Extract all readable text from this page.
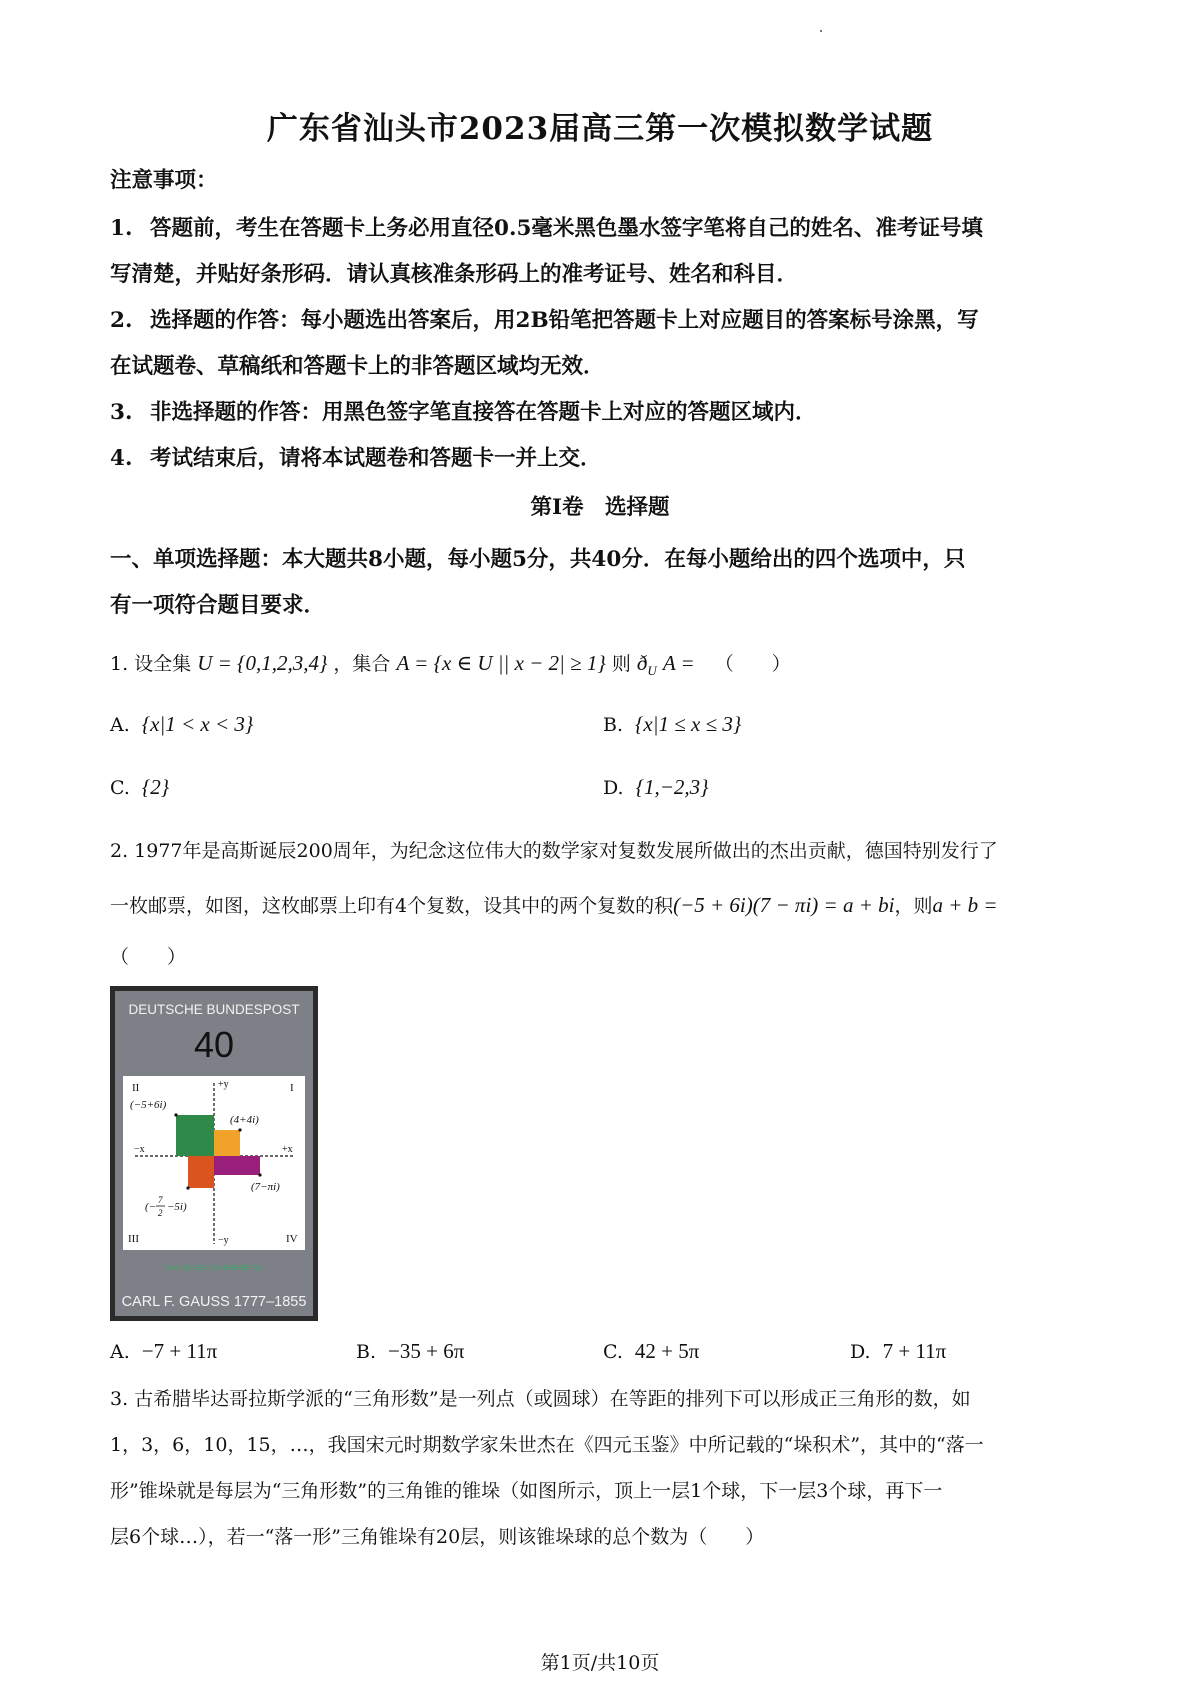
广东省汕头市2023届高三第一次模拟数学试题
注意事项：
1. 答题前，考生在答题卡上务必用直径0.5毫米黑色墨水签字笔将自己的姓名、准考证号填
写清楚，并贴好条形码．请认真核准条形码上的准考证号、姓名和科目．
2. 选择题的作答：每小题选出答案后，用2B铅笔把答题卡上对应题目的答案标号涂黑，写
在试题卷、草稿纸和答题卡上的非答题区域均无效．
3. 非选择题的作答：用黑色签字笔直接答在答题卡上对应的答题区域内．
4. 考试结束后，请将本试题卷和答题卡一并上交．
第Ⅰ卷　选择题
一、单项选择题：本大题共8小题，每小题5分，共40分．在每小题给出的四个选项中，只
有一项符合题目要求．
1. 设全集 U = {0,1,2,3,4} ，集合 A = {x ∈ U || x − 2| ≥ 1} 则 $ð_U$ A = （　　）
A. {x|1 < x < 3}	B. {x|1 ≤ x ≤ 3}
C. {2}	D. {1,−2,3}
2. 1977年是高斯诞辰200周年，为纪念这位伟大的数学家对复数发展所做出的杰出贡献，德国特别发行了
一枚邮票，如图，这枚邮票上印有4个复数，设其中的两个复数的积(−5 + 6i)(7 − πi) = a + bi，则a + b =
（　　）
DEUTSCHE BUNDESPOST
40
II	I
III	IV
+y
−y
+x
−x
(−5+6i)
(4+4i)
(7−πi)
(−
7
2 −5i)
GAUSSSCHE ZAHLENEBENE
CARL F. GAUSS 1777–1855
A. −7 + 11π	B. −35 + 6π	C. 42 + 5π	D. 7 + 11π
3. 古希腊毕达哥拉斯学派的“三角形数”是一列点（或圆球）在等距的排列下可以形成正三角形的数，如
1，3，6，10，15，…，我国宋元时期数学家朱世杰在《四元玉鉴》中所记载的“垛积术”，其中的“落一
形”锥垛就是每层为“三角形数”的三角锥的锥垛（如图所示，顶上一层1个球，下一层3个球，再下一
层6个球…），若一“落一形”三角锥垛有20层，则该锥垛球的总个数为（　　）
第1页/共10页
